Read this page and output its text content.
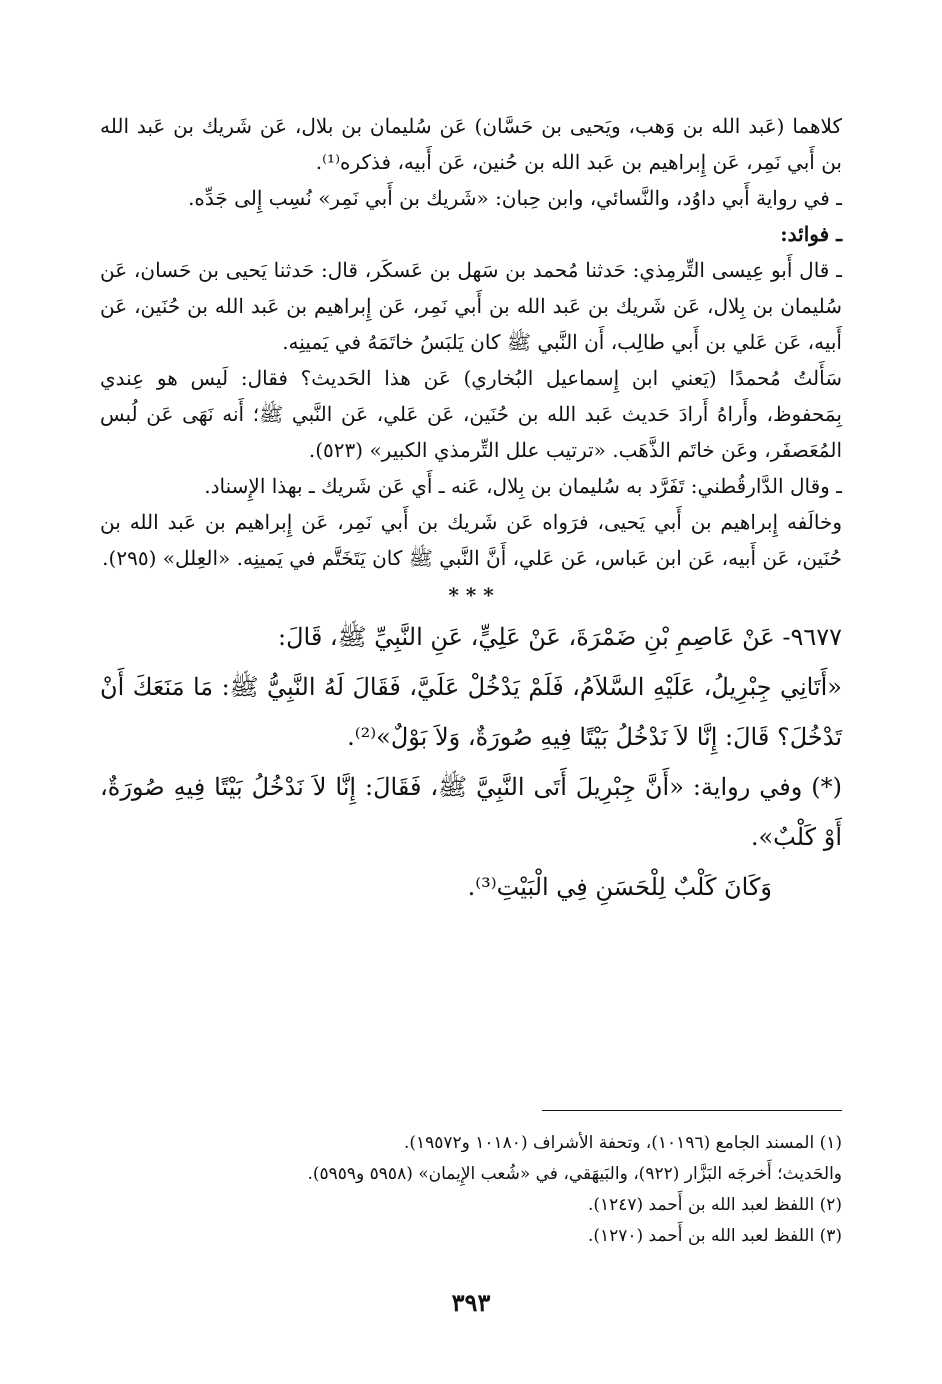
كلاهما (عَبد الله بن وَهب، ويَحيى بن حَسَّان) عَن سُليمان بن بلال، عَن شَريك بن عَبد الله بن أَبي نَمِر، عَن إِبراهيم بن عَبد الله بن حُنين، عَن أَبيه، فذكره⁽¹⁾.

ـ في رواية أَبي داوُد، والنَّسائي، وابن حِبان: «شَريك بن أَبي نَمِر» نُسِب إِلى جَدِّه.

ـ فوائد:

ـ قال أَبو عِيسى التِّرمِذي: حَدثنا مُحمد بن سَهل بن عَسكَر، قال: حَدثنا يَحيى بن حَسان، عَن سُليمان بن بِلال، عَن شَريك بن عَبد الله بن أَبي نَمِر، عَن إِبراهيم بن عَبد الله بن حُنَين، عَن أَبيه، عَن عَلي بن أَبي طالِب، أَن النَّبي ﷺ كان يَلبَسُ خاتَمَهُ في يَمينِه.

سَأَلتُ مُحمدًا (يَعني ابن إِسماعيل البُخاري) عَن هذا الحَديث؟ فقال: لَيس هو عِندي بِمَحفوظ، وأَراهُ أَرادَ حَديث عَبد الله بن حُنَين، عَن عَلي، عَن النَّبي ﷺ؛ أَنه نَهَى عَن لُبس المُعَصفَر، وعَن خاتَم الذَّهَب. «ترتيب علل التِّرمذي الكبير» (٥٢٣).

ـ وقال الدَّارقُطني: تَفَرَّد به سُليمان بن بِلال، عَنه ـ أَي عَن شَريك ـ بهذا الإِسناد.

وخالَفه إِبراهيم بن أَبي يَحيى، فرَواه عَن شَريك بن أَبي نَمِر، عَن إِبراهيم بن عَبد الله بن حُنَين، عَن أَبيه، عَن ابن عَباس، عَن عَلي، أَنَّ النَّبي ﷺ كان يَتَخَتَّم في يَمينِه. «العِلل» (٢٩٥).

* * *

٩٦٧٧- عَنْ عَاصِمِ بْنِ ضَمْرَةَ، عَنْ عَلِيٍّ، عَنِ النَّبِيِّ ﷺ، قَالَ:

«أَتَانِي جِبْرِيلُ، عَلَيْهِ السَّلاَمُ، فَلَمْ يَدْخُلْ عَلَيَّ، فَقَالَ لَهُ النَّبِيُّ ﷺ: مَا مَنَعَكَ أَنْ تَدْخُلَ؟ قَالَ: إِنَّا لاَ نَدْخُلُ بَيْتًا فِيهِ صُورَةٌ، وَلاَ بَوْلٌ»⁽²⁾.

(*) وفي رواية: «أَنَّ جِبْرِيلَ أَتَى النَّبِيَّ ﷺ، فَقَالَ: إِنَّا لاَ نَدْخُلُ بَيْتًا فِيهِ صُورَةٌ، أَوْ كَلْبٌ».

وَكَانَ كَلْبٌ لِلْحَسَنِ فِي الْبَيْتِ⁽³⁾.

(١) المسند الجامع (١٠١٩٦)، وتحفة الأشراف (١٠١٨٠ و١٩٥٧٢).

والحَديث؛ أَخرجَه البَزَّار (٩٢٢)، والبَيهَقي، في «شُعب الإِيمان» (٥٩٥٨ و٥٩٥٩).

(٢) اللفظ لعبد الله بن أَحمد (١٢٤٧).

(٣) اللفظ لعبد الله بن أَحمد (١٢٧٠).

٣٩٣
